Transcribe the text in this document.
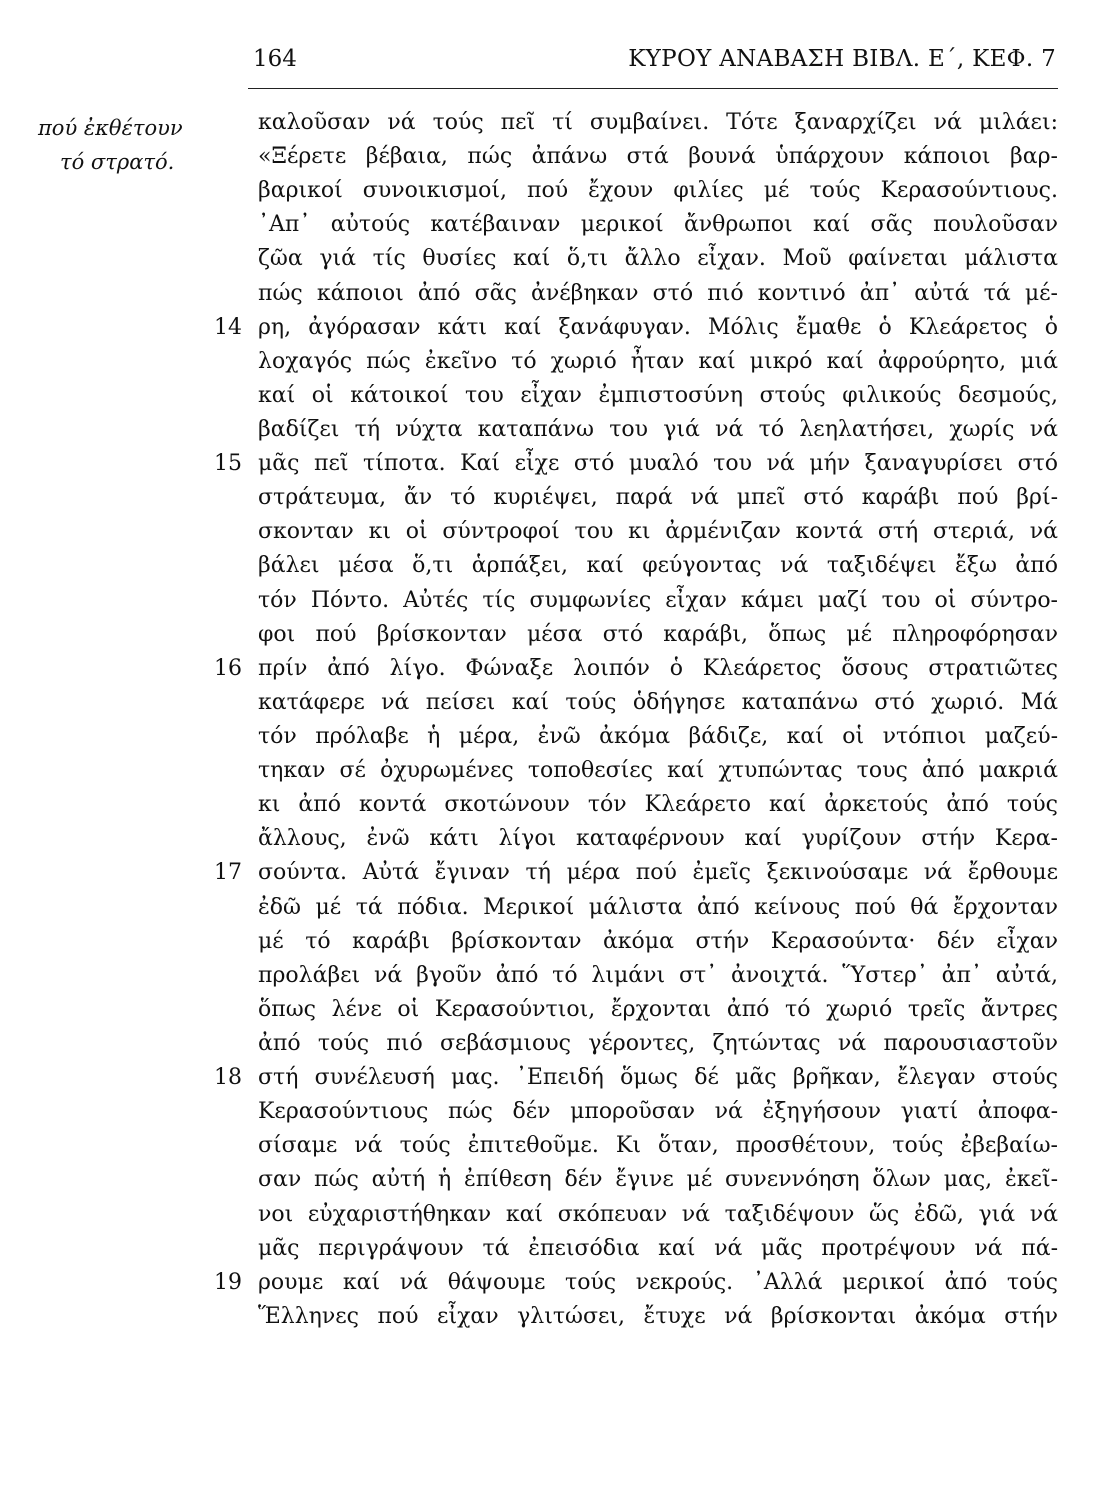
164	ΚΥΡΟΥ ΑΝΑΒΑΣΗ ΒΙΒΛ. Ε΄, ΚΕΦ. 7
πού ἐκθέτουν
τό στρατό.
καλοῦσαν νά τούς πεῖ τί συμβαίνει. Τότε ξαναρχίζει νά μιλάει:
«Ξέρετε βέβαια, πώς ἀπάνω στά βουνά ὑπάρχουν κάποιοι βαρ-
βαρικοί συνοικισμοί, πού ἔχουν φιλίες μέ τούς Κερασούντιους.
᾿Απ᾿ αὐτούς κατέβαιναν μερικοί ἄνθρωποι καί σᾶς πουλοῦσαν
ζῶα γιά τίς θυσίες καί ὅ,τι ἄλλο εἶχαν. Μοῦ φαίνεται μάλιστα
πώς κάποιοι ἀπό σᾶς ἀνέβηκαν στό πιό κοντινό ἀπ᾿ αὐτά τά μέ-
14 ρη, ἀγόρασαν κάτι καί ξανάφυγαν. Μόλις ἔμαθε ὁ Κλεάρετος ὁ
λοχαγός πώς ἐκεῖνο τό χωριό ἦταν καί μικρό καί ἀφρούρητο, μιά
καί οἱ κάτοικοί του εἶχαν ἐμπιστοσύνη στούς φιλικούς δεσμούς,
βαδίζει τή νύχτα καταπάνω του γιά νά τό λεηλατήσει, χωρίς νά
15 μᾶς πεῖ τίποτα. Καί εἶχε στό μυαλό του νά μήν ξαναγυρίσει στό
στράτευμα, ἄν τό κυριέψει, παρά νά μπεῖ στό καράβι πού βρί-
σκονταν κι οἱ σύντροφοί του κι ἀρμένιζαν κοντά στή στεριά, νά
βάλει μέσα ὅ,τι ἁρπάξει, καί φεύγοντας νά ταξιδέψει ἔξω ἀπό
τόν Πόντο. Αὐτές τίς συμφωνίες εἶχαν κάμει μαζί του οἱ σύντρο-
φοι πού βρίσκονταν μέσα στό καράβι, ὅπως μέ πληροφόρησαν
16 πρίν ἀπό λίγο. Φώναξε λοιπόν ὁ Κλεάρετος ὅσους στρατιῶτες
κατάφερε νά πείσει καί τούς ὁδήγησε καταπάνω στό χωριό. Μά
τόν πρόλαβε ἡ μέρα, ἐνῶ ἀκόμα βάδιζε, καί οἱ ντόπιοι μαζεύ-
τηκαν σέ ὀχυρωμένες τοποθεσίες καί χτυπώντας τους ἀπό μακριά
κι ἀπό κοντά σκοτώνουν τόν Κλεάρετο καί ἀρκετούς ἀπό τούς
ἄλλους, ἐνῶ κάτι λίγοι καταφέρνουν καί γυρίζουν στήν Κερα-
17 σούντα. Αὐτά ἔγιναν τή μέρα πού ἐμεῖς ξεκινούσαμε νά ἔρθουμε
ἐδῶ μέ τά πόδια. Μερικοί μάλιστα ἀπό κείνους πού θά ἔρχονταν
μέ τό καράβι βρίσκονταν ἀκόμα στήν Κερασούντα· δέν εἶχαν
προλάβει νά βγοῦν ἀπό τό λιμάνι στ᾿ ἀνοιχτά. Ὕστερ᾿ ἀπ᾿ αὐτά,
ὅπως λένε οἱ Κερασούντιοι, ἔρχονται ἀπό τό χωριό τρεῖς ἄντρες
ἀπό τούς πιό σεβάσμιους γέροντες, ζητώντας νά παρουσιαστοῦν
18 στή συνέλευσή μας. ᾿Επειδή ὅμως δέ μᾶς βρῆκαν, ἔλεγαν στούς
Κερασούντιους πώς δέν μποροῦσαν νά ἐξηγήσουν γιατί ἀποφα-
σίσαμε νά τούς ἐπιτεθοῦμε. Κι ὅταν, προσθέτουν, τούς ἐβεβαίω-
σαν πώς αὐτή ἡ ἐπίθεση δέν ἔγινε μέ συνεννόηση ὅλων μας, ἐκεῖ-
νοι εὐχαριστήθηκαν καί σκόπευαν νά ταξιδέψουν ὥς ἐδῶ, γιά νά
μᾶς περιγράψουν τά ἐπεισόδια καί νά μᾶς προτρέψουν νά πά-
19 ρουμε καί νά θάψουμε τούς νεκρούς. ᾿Αλλά μερικοί ἀπό τούς
Ἕλληνες πού εἶχαν γλιτώσει, ἔτυχε νά βρίσκονται ἀκόμα στήν
